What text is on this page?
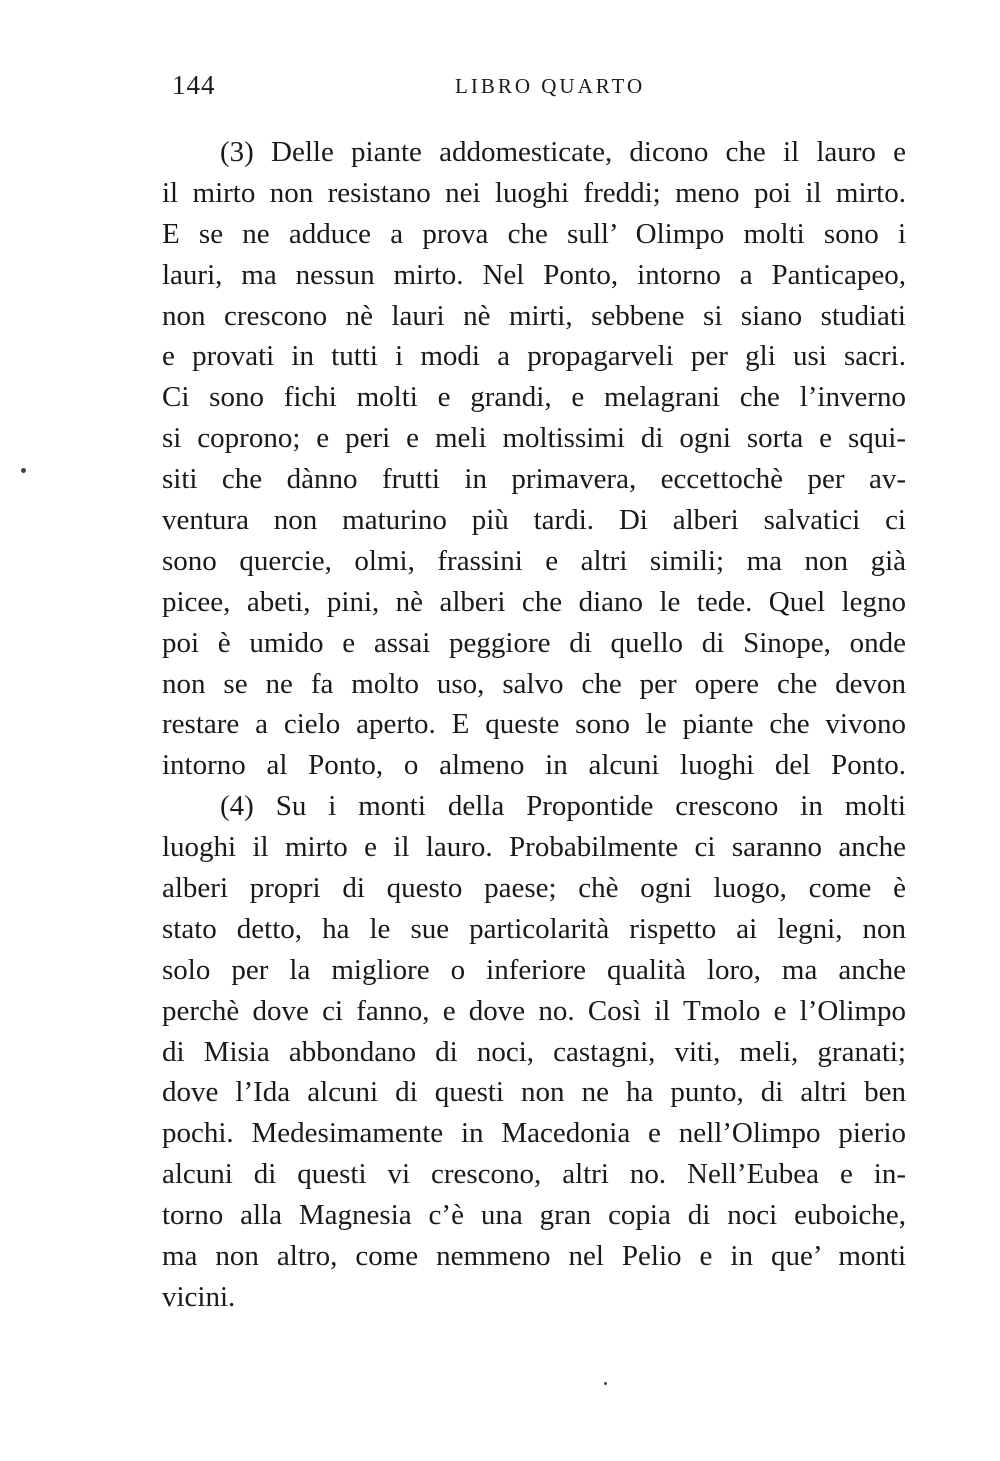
144	LIBRO QUARTO
(3) Delle piante addomesticate, dicono che il lauro e
il mirto non resistano nei luoghi freddi; meno poi il mirto.
E se ne adduce a prova che sull’ Olimpo molti sono i
lauri, ma nessun mirto. Nel Ponto, intorno a Panticapeo,
non crescono nè lauri nè mirti, sebbene si siano studiati
e provati in tutti i modi a propagarveli per gli usi sacri.
Ci sono fichi molti e grandi, e melagrani che l’inverno
si coprono; e peri e meli moltissimi di ogni sorta e squi-
siti che dànno frutti in primavera, eccettochè per av-
ventura non maturino più tardi. Di alberi salvatici ci
sono quercie, olmi, frassini e altri simili; ma non già
picee, abeti, pini, nè alberi che diano le tede. Quel legno
poi è umido e assai peggiore di quello di Sinope, onde
non se ne fa molto uso, salvo che per opere che devon
restare a cielo aperto. E queste sono le piante che vivono
intorno al Ponto, o almeno in alcuni luoghi del Ponto.
(4) Su i monti della Propontide crescono in molti
luoghi il mirto e il lauro. Probabilmente ci saranno anche
alberi propri di questo paese; chè ogni luogo, come è
stato detto, ha le sue particolarità rispetto ai legni, non
solo per la migliore o inferiore qualità loro, ma anche
perchè dove ci fanno, e dove no. Così il Tmolo e l’Olimpo
di Misia abbondano di noci, castagni, viti, meli, granati;
dove l’Ida alcuni di questi non ne ha punto, di altri ben
pochi. Medesimamente in Macedonia e nell’Olimpo pierio
alcuni di questi vi crescono, altri no. Nell’Eubea e in-
torno alla Magnesia c’è una gran copia di noci euboiche,
ma non altro, come nemmeno nel Pelio e in que’ monti
vicini.
